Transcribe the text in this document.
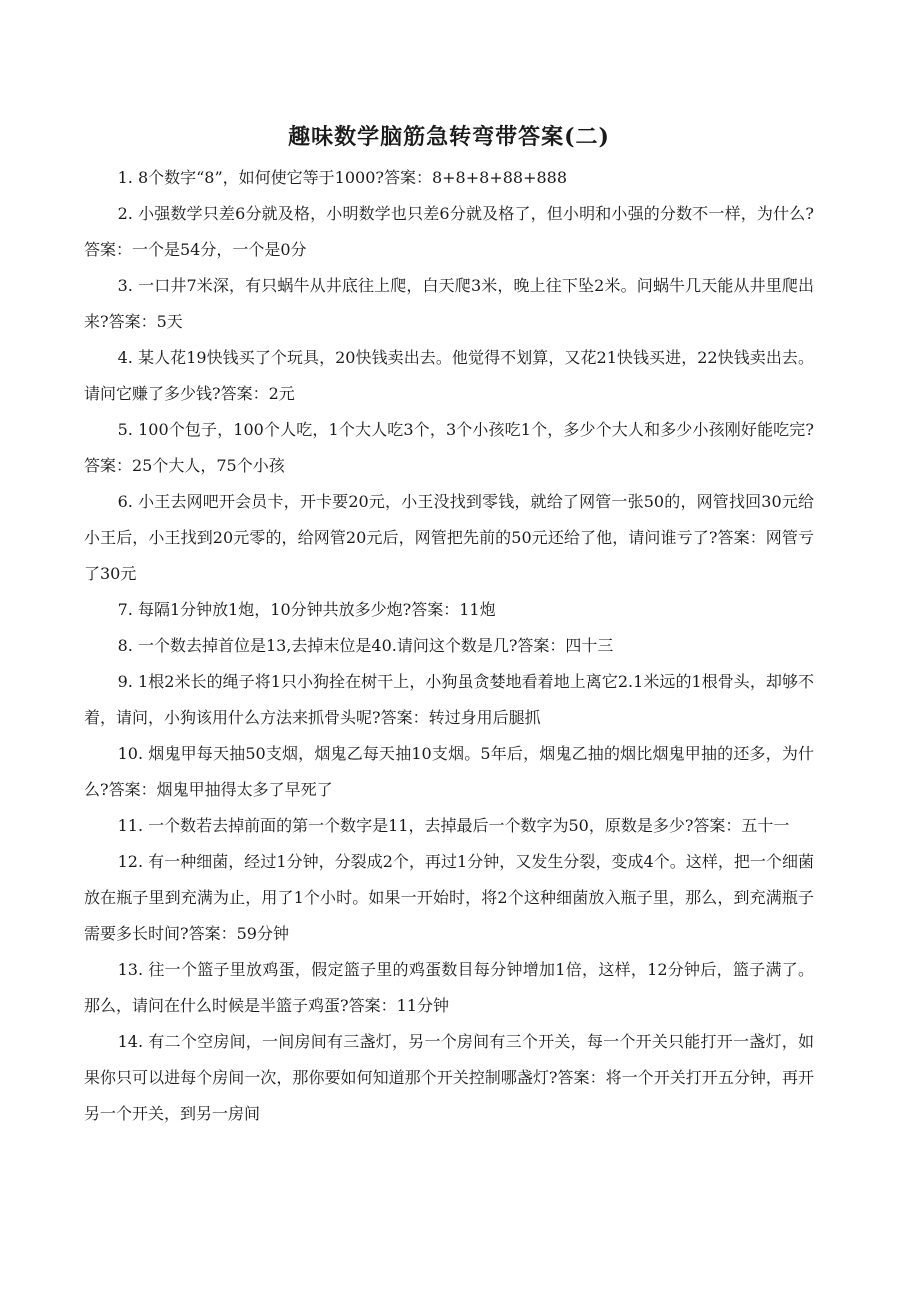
趣味数学脑筋急转弯带答案(二)
1. 8个数字“8”，如何使它等于1000?答案：8+8+8+88+888
2. 小强数学只差6分就及格，小明数学也只差6分就及格了，但小明和小强的分数不一样，为什么?答案：一个是54分，一个是0分
3. 一口井7米深，有只蜗牛从井底往上爬，白天爬3米，晚上往下坠2米。问蜗牛几天能从井里爬出来?答案：5天
4. 某人花19快钱买了个玩具，20快钱卖出去。他觉得不划算，又花21快钱买进，22快钱卖出去。请问它赚了多少钱?答案：2元
5. 100个包子，100个人吃，1个大人吃3个，3个小孩吃1个，多少个大人和多少小孩刚好能吃完?答案：25个大人，75个小孩
6. 小王去网吧开会员卡，开卡要20元，小王没找到零钱，就给了网管一张50的，网管找回30元给小王后，小王找到20元零的，给网管20元后，网管把先前的50元还给了他，请问谁亏了?答案：网管亏了30元
7. 每隔1分钟放1炮，10分钟共放多少炮?答案：11炮
8. 一个数去掉首位是13,去掉末位是40.请问这个数是几?答案：四十三
9. 1根2米长的绳子将1只小狗拴在树干上，小狗虽贪婪地看着地上离它2.1米远的1根骨头，却够不着，请问，小狗该用什么方法来抓骨头呢?答案：转过身用后腿抓
10. 烟鬼甲每天抽50支烟，烟鬼乙每天抽10支烟。5年后，烟鬼乙抽的烟比烟鬼甲抽的还多，为什么?答案：烟鬼甲抽得太多了早死了
11. 一个数若去掉前面的第一个数字是11，去掉最后一个数字为50，原数是多少?答案：五十一
12. 有一种细菌，经过1分钟，分裂成2个，再过1分钟，又发生分裂，变成4个。这样，把一个细菌放在瓶子里到充满为止，用了1个小时。如果一开始时，将2个这种细菌放入瓶子里，那么，到充满瓶子需要多长时间?答案：59分钟
13. 往一个篮子里放鸡蛋，假定篮子里的鸡蛋数目每分钟增加1倍，这样，12分钟后，篮子满了。那么，请问在什么时候是半篮子鸡蛋?答案：11分钟
14. 有二个空房间，一间房间有三盏灯，另一个房间有三个开关，每一个开关只能打开一盏灯，如果你只可以进每个房间一次，那你要如何知道那个开关控制哪盏灯?答案：将一个开关打开五分钟，再开另一个开关，到另一房间
